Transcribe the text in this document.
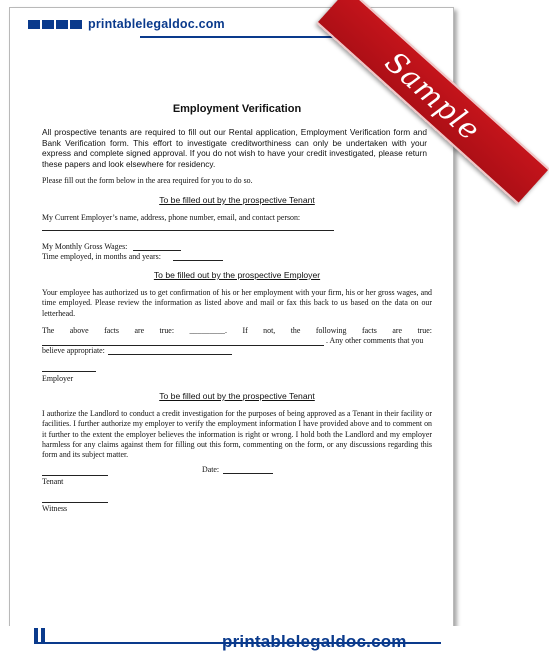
printablelegaldoc.com
Employment Verification
All prospective tenants are required to fill out our Rental application, Employment Verification form and Bank Verification form. This effort to investigate creditworthiness can only be undertaken with your express and complete signed approval. If you do not wish to have your credit investigated, please return these papers and look elsewhere for residency.
Please fill out the form below in the area required for you to do so.
To be filled out by the prospective Tenant
My Current Employer’s name, address, phone number, email, and contact person:
My Monthly Gross Wages:
Time employed, in months and years:
To be filled out by the prospective Employer
Your employee has authorized us to get confirmation of his or her employment with your firm, his or her gross wages, and time employed. Please review the information as listed above and mail or fax this back to us based on the data on our letterhead.
The above facts are true: _________. If not, the following facts are true:
. Any other comments that you
believe appropriate:
Employer
To be filled out by the prospective Tenant
I authorize the Landlord to conduct a credit investigation for the purposes of being approved as a Tenant in their facility or facilities. I further authorize my employer to verify the employment information I have provided above and to comment on it further to the extent the employer believes the information is right or wrong. I hold both the Landlord and my employer harmless for any claims against them for filling out this form, commenting on the form, or any discussions regarding this form and its subject matter.
Date:
Tenant
Witness
Sample
printablelegaldoc.com
